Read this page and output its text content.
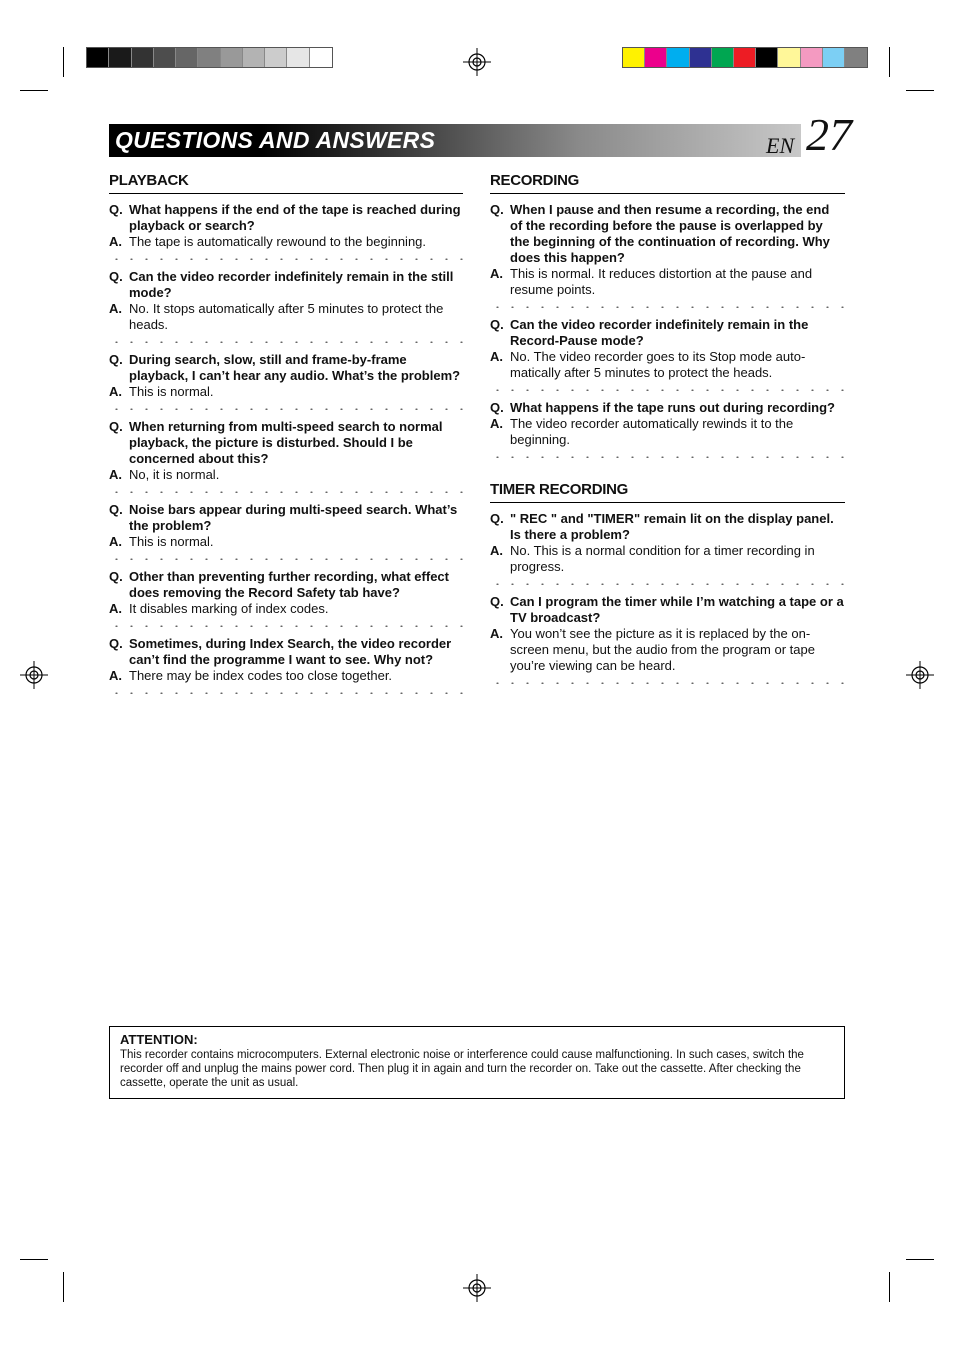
QUESTIONS AND ANSWERS	EN 27
PLAYBACK
Q. What happens if the end of the tape is reached during playback or search?
A. The tape is automatically rewound to the beginning.
Q. Can the video recorder indefinitely remain in the still mode?
A. No. It stops automatically after 5 minutes to protect the heads.
Q. During search, slow, still and frame-by-frame playback, I can’t hear any audio. What’s the problem?
A. This is normal.
Q. When returning from multi-speed search to normal playback, the picture is disturbed. Should I be concerned about this?
A. No, it is normal.
Q. Noise bars appear during multi-speed search. What’s the problem?
A. This is normal.
Q. Other than preventing further recording, what effect does removing the Record Safety tab have?
A. It disables marking of index codes.
Q. Sometimes, during Index Search, the video recorder can’t find the programme I want to see. Why not?
A. There may be index codes too close together.
RECORDING
Q. When I pause and then resume a recording, the end of the recording before the pause is overlapped by the beginning of the continuation of recording. Why does this happen?
A. This is normal. It reduces distortion at the pause and resume points.
Q. Can the video recorder indefinitely remain in the Record-Pause mode?
A. No. The video recorder goes to its Stop mode auto-matically after 5 minutes to protect the heads.
Q. What happens if the tape runs out during recording?
A. The video recorder automatically rewinds it to the beginning.
TIMER RECORDING
Q. " REC " and "TIMER" remain lit on the display panel. Is there a problem?
A. No. This is a normal condition for a timer recording in progress.
Q. Can I program the timer while I’m watching a tape or a TV broadcast?
A. You won’t see the picture as it is replaced by the on-screen menu, but the audio from the program or tape you’re viewing can be heard.
ATTENTION:
This recorder contains microcomputers. External electronic noise or interference could cause malfunctioning. In such cases, switch the recorder off and unplug the mains power cord. Then plug it in again and turn the recorder on. Take out the cassette. After checking the cassette, operate the unit as usual.
